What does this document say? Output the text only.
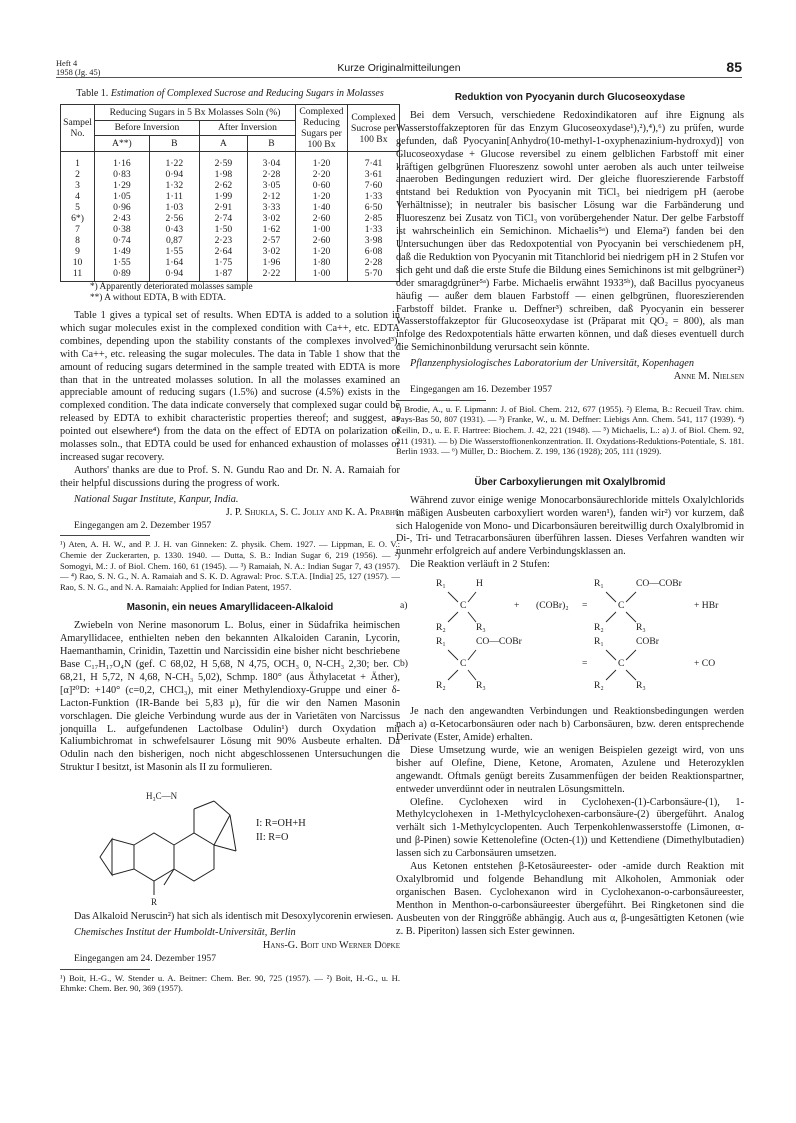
Heft 4
1958 (Jg. 45)	Kurze Originalmitteilungen	85
Table 1. Estimation of Complexed Sucrose and Reducing Sugars in Molasses
Sampel No.	Reducing Sugars in 5 Bx Molasses Soln (%)				Complexed Reducing Sugars per 100 Bx	Complexed Sucrose per 100 Bx
	Before Inversion		After Inversion			
	A**)	B	A	B		
1	1·16	1·22	2·59	3·04	1·20	7·41
2	0·83	0·94	1·98	2·28	2·20	3·61
3	1·29	1·32	2·62	3·05	0·60	7·60
4	1·05	1·11	1·99	2·12	1·20	1·33
5	0·96	1·03	2·91	3·33	1·40	6·50
6*)	2·43	2·56	2·74	3·02	2·60	2·85
7	0·38	0·43	1·50	1·62	1·00	1·33
8	0·74	0,87	2·23	2·57	2·60	3·98
9	1·49	1·55	2·64	3·02	1·20	6·08
10	1·55	1·64	1·75	1·96	1·80	2·28
11	0·89	0·94	1·87	2·22	1·00	5·70
*) Apparently deteriorated molasses sample
**) A without EDTA, B with EDTA.

Table 1 gives a typical set of results. When EDTA is added to a solution in which sugar molecules exist in the complexed condition with Ca++, etc. EDTA combines, depending upon the stability constants of the complexes involved³), with Ca++, etc. releasing the sugar molecules. The data in Table 1 show that the amount of reducing sugars determined in the sample treated with EDTA is more than that in the untreated molasses solution. In all the molasses examined an appreciable amount of reducing sugars (1.5%) and sucrose (4.5%) exists in the complexed condition. The data indicate conversely that complexed sugar could be released by EDTA to exhibit characteristic properties thereof; and suggest, as pointed out elsewhere⁴) from the data on the effect of EDTA on polarization of molasses soln., that EDTA could be used for enhanced exhaustion of molasses or increased sugar recovery.

Authors' thanks are due to Prof. S. N. Gundu Rao and Dr. N. A. Ramaiah for their helpful discussions during the progress of work.

National Sugar Institute, Kanpur, India.
J. P. Shukla, S. C. Jolly and K. A. Prabhu
Eingegangen am 2. Dezember 1957
¹) Aten, A. H. W., and P. J. H. van Ginneken: Z. physik. Chem. 1927. — Lippman, E. O. V.: Chemie der Zuckerarten, p. 1330. 1940. — Dutta, S. B.: Indian Sugar 6, 219 (1956). — ²) Somogyi, M.: J. of Biol. Chem. 160, 61 (1945). — ³) Ramaiah, N. A.: Indian Sugar 7, 43 (1957). — ⁴) Rao, S. N. G., N. A. Ramaiah and S. K. D. Agrawal: Proc. S.T.A. [India] 25, 127 (1957). — Rao, S. N. G., and N. A. Ramaiah: Applied for Indian Patent, 1957.
Masonin, ein neues Amaryllidaceen-Alkaloid

Zwiebeln von Nerine masonorum L. Bolus, einer in Südafrika heimischen Amaryllidacee, enthielten neben den bekannten Alkaloiden Caranin, Lycorin, Haemanthamin, Crinidin, Tazettin und Narcissidin eine bisher nicht beschriebene Base C₁₇H₁₇O₄N (gef. C 68,02, H 5,68, N 4,75, OCH₃ 0, N-CH₃ 2,30; ber. C 68,21, H 5,72, N 4,68, N-CH₃ 5,02), Schmp. 180° (aus Äthylacetat + Äther), [α]²⁰D: +140° (c=0,2, CHCl₃), mit einer Methylendioxy-Gruppe und einer δ-Lacton-Funktion (IR-Bande bei 5,83 μ), für die wir den Namen Masonin vorschlagen. Die gleiche Verbindung wurde aus der in Varietäten von Narcissus jonquilla L. aufgefundenen Lactolbase Odulin¹) durch Oxydation mit Kaliumbichromat in schwefelsaurer Lösung mit 90% Ausbeute erhalten. Da Odulin nach den bisherigen, noch nicht abgeschlossenen Untersuchungen die Struktur I besitzt, ist Masonin als II zu formulieren.

H₃C—N
R
I: R=OH+H
II: R=O

Das Alkaloid Neruscin²) hat sich als identisch mit Desoxylycorenin erwiesen.

Chemisches Institut der Humboldt-Universität, Berlin
Hans-G. Boit und Werner Döpke
Eingegangen am 24. Dezember 1957
¹) Boit, H.-G., W. Stender u. A. Beitner: Chem. Ber. 90, 725 (1957). — ²) Boit, H.-G., u. H. Ehmke: Chem. Ber. 90, 369 (1957).
Reduktion von Pyocyanin durch Glucoseoxydase

Bei dem Versuch, verschiedene Redoxindikatoren auf ihre Eignung als Wasserstoffakzeptoren für das Enzym Glucoseoxydase¹),²),⁴),⁶) zu prüfen, wurde gefunden, daß Pyocyanin[Anhydro(10-methyl-1-oxyphenazinium-hydroxyd)] von Glucoseoxydase + Glucose reversibel zu einem gelblichen Farbstoff mit einer kräftigen gelbgrünen Fluoreszenz sowohl unter aeroben als auch unter teilweise anaeroben Bedingungen reduziert wird. Der gleiche fluoreszierende Farbstoff entstand bei Reduktion von Pyocyanin mit TiCl₃ bei niedrigem pH (aerobe Verhältnisse); in neutraler bis basischer Lösung war die Farbänderung und Fluoreszenz bei Zusatz von TiCl₃ von vorübergehender Natur. Der gelbe Farbstoff ist wahrscheinlich ein Semichinon. Michaelis⁵ᵃ) und Elema²) fanden bei den Untersuchungen über das Redoxpotential von Pyocyanin bei verschiedenem pH, daß die Reduktion von Pyocyanin mit Titanchlorid bei niedrigem pH in 2 Stufen vor sich geht und daß die erste Stufe die Bildung eines Semichinons ist mit gelbgrüner²) oder smaragdgrüner⁵ᵃ) Farbe. Michaelis erwähnt 1933⁵ᵇ), daß Bacillus pyocyaneus häufig — außer dem blauen Farbstoff — einen gelbgrünen, fluoreszierenden Farbstoff bildet. Franke u. Deffner³) schreiben, daß Pyocyanin ein besserer Wasserstoffakzeptor für Glucoseoxydase ist (Präparat mit QO₂ = 800), als man infolge des Redoxpotentials hätte erwarten können, und daß dieses eventuell durch die Semichinonbildung verursacht sein könnte.

Pflanzenphysiologisches Laboratorium der Universität, Kopenhagen
Anne M. Nielsen
Eingegangen am 16. Dezember 1957
¹) Brodie, A., u. F. Lipmann: J. of Biol. Chem. 212, 677 (1955). ²) Elema, B.: Recueil Trav. chim. Pays-Bas 50, 807 (1931). — ³) Franke, W., u. M. Deffner: Liebigs Ann. Chem. 541, 117 (1939). ⁴) Keilin, D., u. E. F. Hartree: Biochem. J. 42, 221 (1948). — ⁵) Michaelis, L.: a) J. of Biol. Chem. 92, 211 (1931). — b) Die Wasserstoffionenkonzentration. II. Oxydations-Reduktions-Potentiale, S. 181. Berlin 1933. — ⁶) Müller, D.: Biochem. Z. 199, 136 (1928); 205, 111 (1929).
Über Carboxylierungen mit Oxalylbromid

Während zuvor einige wenige Monocarbonsäurechloride mittels Oxalylchlorids in mäßigen Ausbeuten carboxyliert worden waren¹), fanden wir²) vor kurzem, daß sich Halogenide von Mono- und Dicarbonsäuren bereitwillig durch Oxalylbromid in Di-, Tri- und Tetracarbonsäuren überführen lassen. Dieses Verfahren wandten wir nunmehr erfolgreich auf andere Verbindungsklassen an.

Die Reaktion verläuft in 2 Stufen:

a)
R₁	H
C
R₂	R₃
+ (COBr)₂ =
R₁	CO—COBr
C
R₂	R₃
+ HBr
b)
R₁	CO—COBr
C
R₂	R₃
=
R₁	COBr
C
R₂	R₃
+ CO

Je nach den angewandten Verbindungen und Reaktionsbedingungen werden nach a) α-Ketocarbonsäuren oder nach b) Carbonsäuren, bzw. deren entsprechende Derivate (Ester, Amide) erhalten.

Diese Umsetzung wurde, wie an wenigen Beispielen gezeigt wird, von uns bisher auf Olefine, Diene, Ketone, Aromaten, Azulene und Heterozyklen angewandt. Oftmals genügt bereits Zusammenfügen der beiden Reaktionspartner, entweder unverdünnt oder in neutralen Lösungsmitteln.

Olefine. Cyclohexen wird in Cyclohexen-(1)-Carbonsäure-(1), 1-Methylcyclohexen in 1-Methylcyclohexen-carbonsäure-(2) übergeführt. Analog verhält sich 1-Methylcyclopenten. Auch Terpenkohlenwasserstoffe (Limonen, α- und β-Pinen) sowie Kettenolefine (Octen-(1)) und Kettendiene (Dimethylbutadien) lassen sich zu Carbonsäuren umsetzen.

Aus Ketonen entstehen β-Ketosäureester- oder -amide durch Reaktion mit Oxalylbromid und folgende Behandlung mit Alkoholen, Ammoniak oder organischen Basen. Cyclohexanon wird in Cyclohexanon-o-carbonsäureester, Menthon in Menthon-o-carbonsäureester übergeführt. Bei Ringketonen sind die Ausbeuten von der Ringgröße abhängig. Auch aus α, β-ungesättigten Ketonen (wie z. B. Piperiton) lassen sich Ester gewinnen.
